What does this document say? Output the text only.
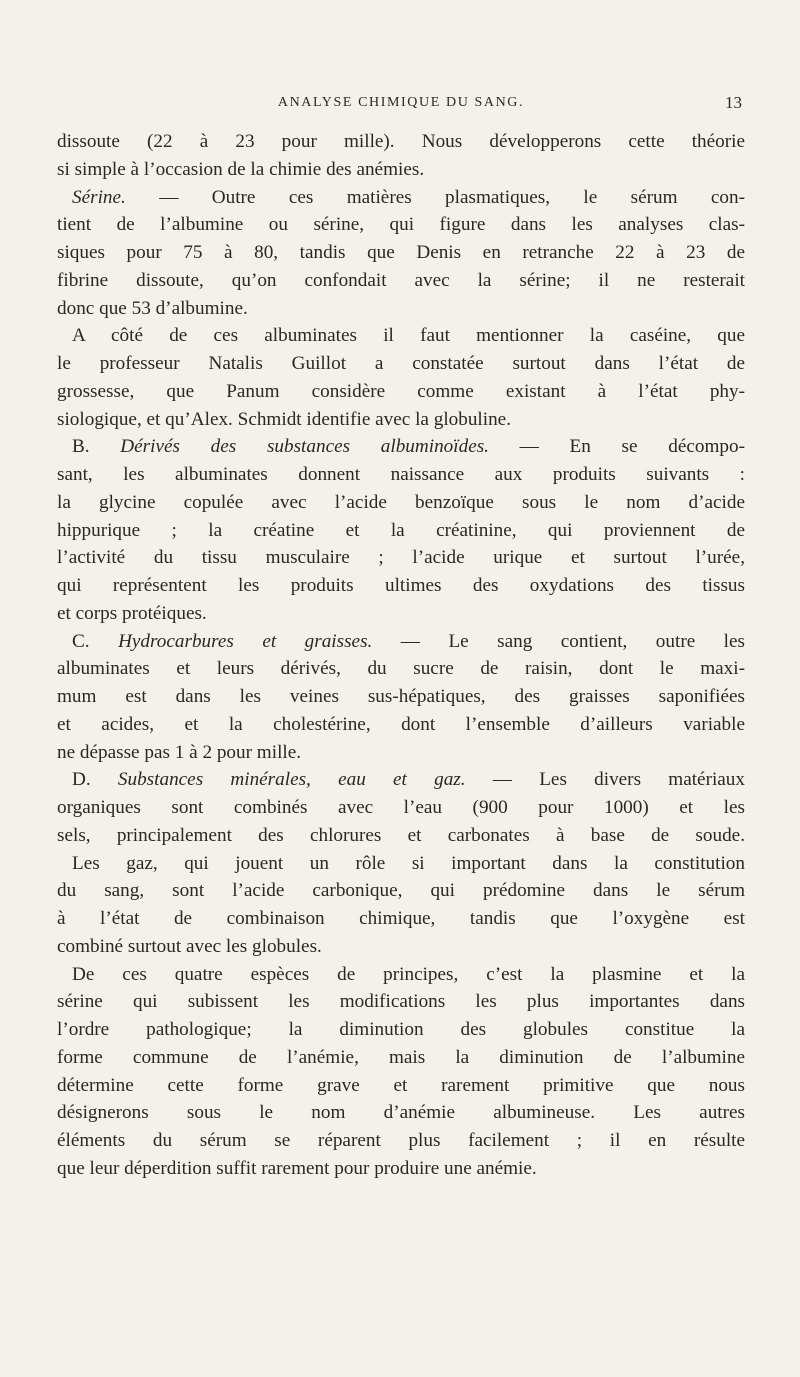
ANALYSE CHIMIQUE DU SANG.	13
dissoute (22 à 23 pour mille). Nous développerons cette théorie
si simple à l’occasion de la chimie des anémies.
Sérine. — Outre ces matières plasmatiques, le sérum con-
tient de l’albumine ou sérine, qui figure dans les analyses clas-
siques pour 75 à 80, tandis que Denis en retranche 22 à 23 de
fibrine dissoute, qu’on confondait avec la sérine; il ne resterait
donc que 53 d’albumine.
A côté de ces albuminates il faut mentionner la caséine, que
le professeur Natalis Guillot a constatée surtout dans l’état de
grossesse, que Panum considère comme existant à l’état phy-
siologique, et qu’Alex. Schmidt identifie avec la globuline.
B. Dérivés des substances albuminoïdes. — En se décompo-
sant, les albuminates donnent naissance aux produits suivants :
la glycine copulée avec l’acide benzoïque sous le nom d’acide
hippurique ; la créatine et la créatinine, qui proviennent de
l’activité du tissu musculaire ; l’acide urique et surtout l’urée,
qui représentent les produits ultimes des oxydations des tissus
et corps protéiques.
C. Hydrocarbures et graisses. — Le sang contient, outre les
albuminates et leurs dérivés, du sucre de raisin, dont le maxi-
mum est dans les veines sus-hépatiques, des graisses saponifiées
et acides, et la cholestérine, dont l’ensemble d’ailleurs variable
ne dépasse pas 1 à 2 pour mille.
D. Substances minérales, eau et gaz. — Les divers matériaux
organiques sont combinés avec l’eau (900 pour 1000) et les
sels, principalement des chlorures et carbonates à base de soude.
Les gaz, qui jouent un rôle si important dans la constitution
du sang, sont l’acide carbonique, qui prédomine dans le sérum
à l’état de combinaison chimique, tandis que l’oxygène est
combiné surtout avec les globules.
De ces quatre espèces de principes, c’est la plasmine et la
sérine qui subissent les modifications les plus importantes dans
l’ordre pathologique; la diminution des globules constitue la
forme commune de l’anémie, mais la diminution de l’albumine
détermine cette forme grave et rarement primitive que nous
désignerons sous le nom d’anémie albumineuse. Les autres
éléments du sérum se réparent plus facilement ; il en résulte
que leur déperdition suffit rarement pour produire une anémie.
